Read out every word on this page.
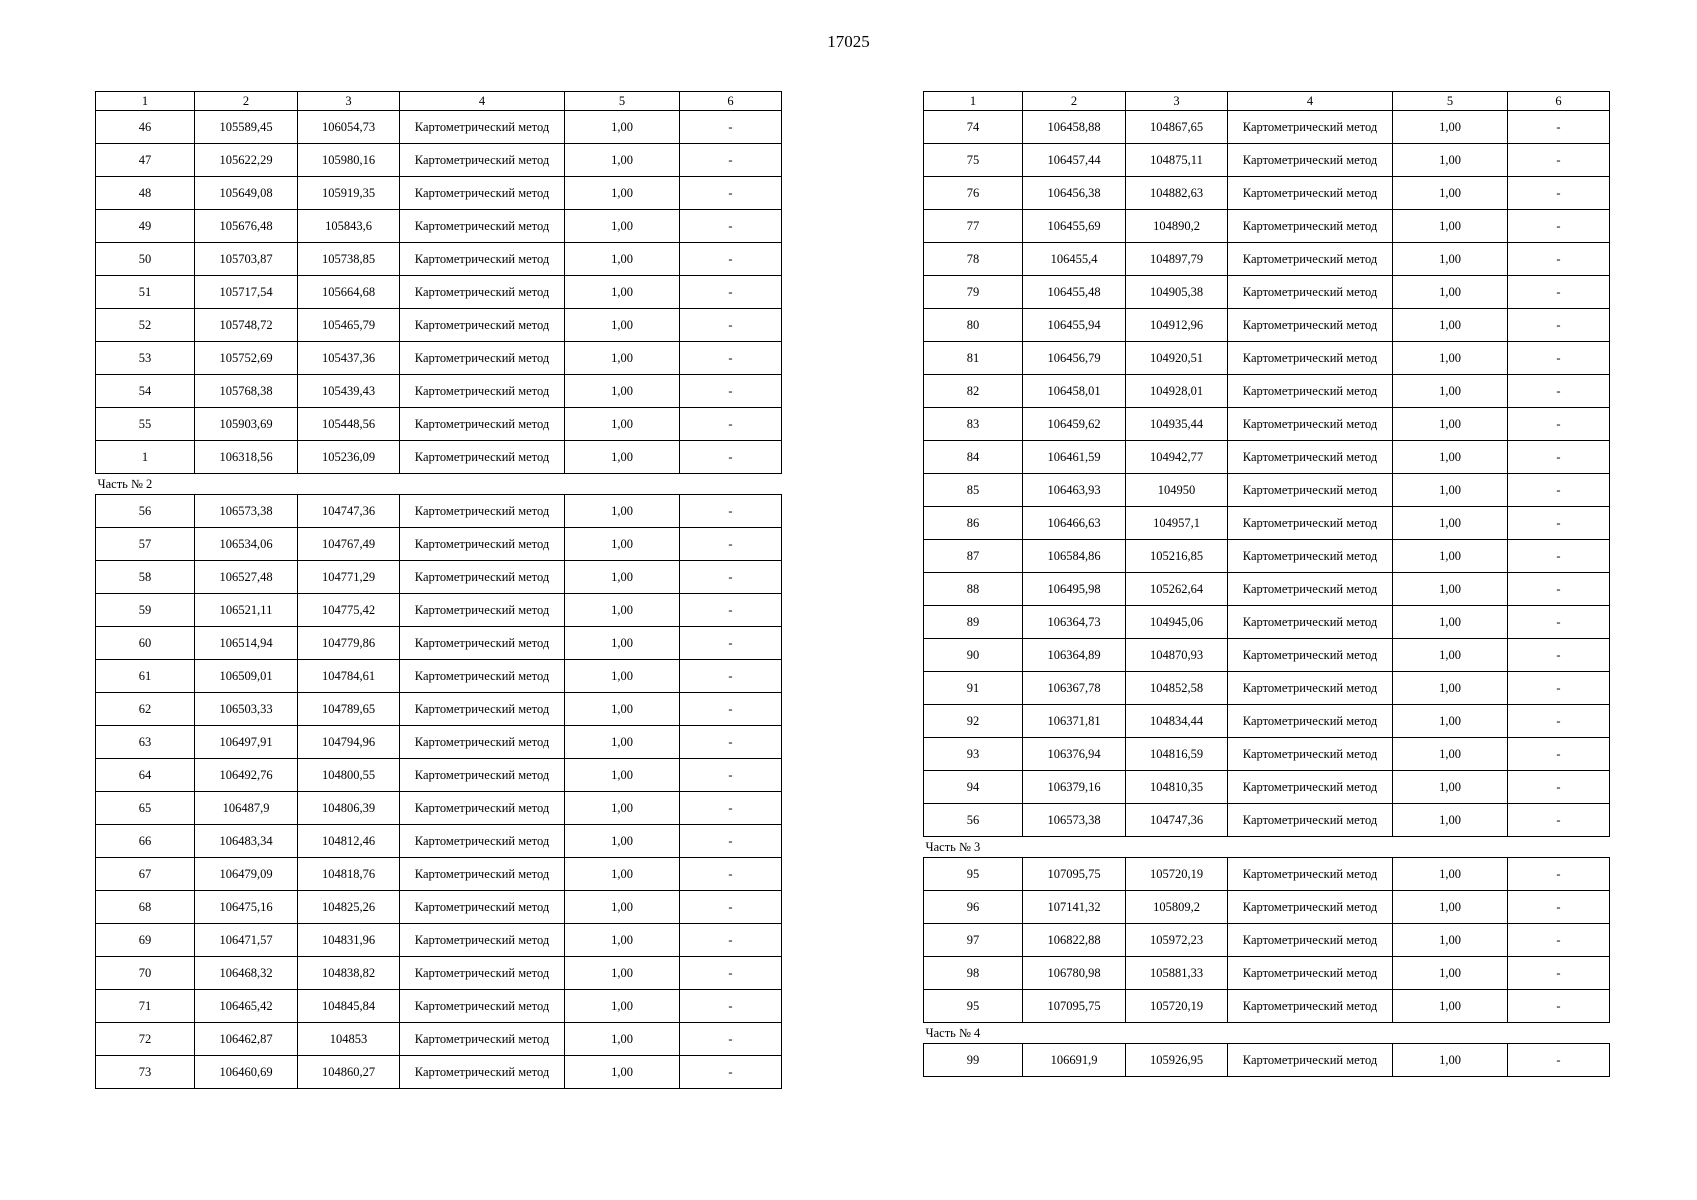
17025
1	2	3	4	5	6
46	105589,45	106054,73	Картометрический метод	1,00	-
47	105622,29	105980,16	Картометрический метод	1,00	-
48	105649,08	105919,35	Картометрический метод	1,00	-
49	105676,48	105843,6	Картометрический метод	1,00	-
50	105703,87	105738,85	Картометрический метод	1,00	-
51	105717,54	105664,68	Картометрический метод	1,00	-
52	105748,72	105465,79	Картометрический метод	1,00	-
53	105752,69	105437,36	Картометрический метод	1,00	-
54	105768,38	105439,43	Картометрический метод	1,00	-
55	105903,69	105448,56	Картометрический метод	1,00	-
1	106318,56	105236,09	Картометрический метод	1,00	-
Часть № 2					
56	106573,38	104747,36	Картометрический метод	1,00	-
57	106534,06	104767,49	Картометрический метод	1,00	-
58	106527,48	104771,29	Картометрический метод	1,00	-
59	106521,11	104775,42	Картометрический метод	1,00	-
60	106514,94	104779,86	Картометрический метод	1,00	-
61	106509,01	104784,61	Картометрический метод	1,00	-
62	106503,33	104789,65	Картометрический метод	1,00	-
63	106497,91	104794,96	Картометрический метод	1,00	-
64	106492,76	104800,55	Картометрический метод	1,00	-
65	106487,9	104806,39	Картометрический метод	1,00	-
66	106483,34	104812,46	Картометрический метод	1,00	-
67	106479,09	104818,76	Картометрический метод	1,00	-
68	106475,16	104825,26	Картометрический метод	1,00	-
69	106471,57	104831,96	Картометрический метод	1,00	-
70	106468,32	104838,82	Картометрический метод	1,00	-
71	106465,42	104845,84	Картометрический метод	1,00	-
72	106462,87	104853	Картометрический метод	1,00	-
73	106460,69	104860,27	Картометрический метод	1,00	-
1	2	3	4	5	6
74	106458,88	104867,65	Картометрический метод	1,00	-
75	106457,44	104875,11	Картометрический метод	1,00	-
76	106456,38	104882,63	Картометрический метод	1,00	-
77	106455,69	104890,2	Картометрический метод	1,00	-
78	106455,4	104897,79	Картометрический метод	1,00	-
79	106455,48	104905,38	Картометрический метод	1,00	-
80	106455,94	104912,96	Картометрический метод	1,00	-
81	106456,79	104920,51	Картометрический метод	1,00	-
82	106458,01	104928,01	Картометрический метод	1,00	-
83	106459,62	104935,44	Картометрический метод	1,00	-
84	106461,59	104942,77	Картометрический метод	1,00	-
85	106463,93	104950	Картометрический метод	1,00	-
86	106466,63	104957,1	Картометрический метод	1,00	-
87	106584,86	105216,85	Картометрический метод	1,00	-
88	106495,98	105262,64	Картометрический метод	1,00	-
89	106364,73	104945,06	Картометрический метод	1,00	-
90	106364,89	104870,93	Картометрический метод	1,00	-
91	106367,78	104852,58	Картометрический метод	1,00	-
92	106371,81	104834,44	Картометрический метод	1,00	-
93	106376,94	104816,59	Картометрический метод	1,00	-
94	106379,16	104810,35	Картометрический метод	1,00	-
56	106573,38	104747,36	Картометрический метод	1,00	-
Часть № 3					
95	107095,75	105720,19	Картометрический метод	1,00	-
96	107141,32	105809,2	Картометрический метод	1,00	-
97	106822,88	105972,23	Картометрический метод	1,00	-
98	106780,98	105881,33	Картометрический метод	1,00	-
95	107095,75	105720,19	Картометрический метод	1,00	-
Часть № 4					
99	106691,9	105926,95	Картометрический метод	1,00	-
